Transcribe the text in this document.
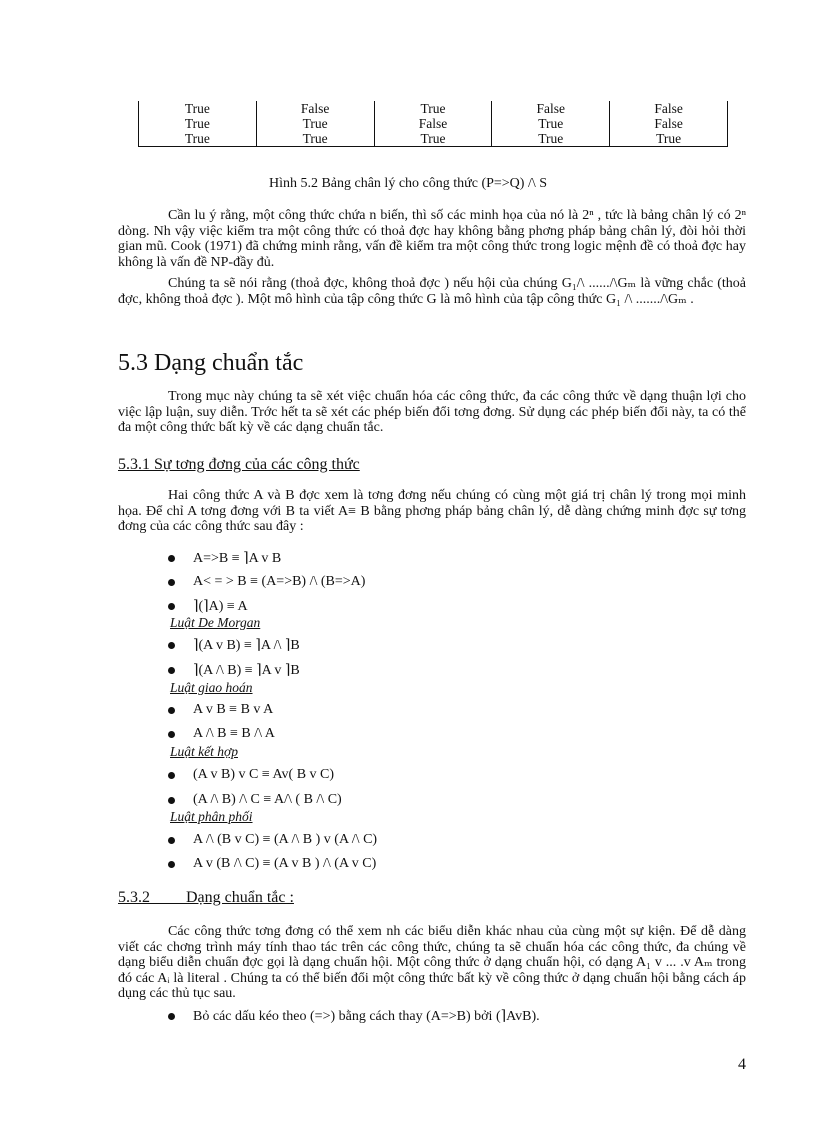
True	False	True	False	False
True	True	False	True	False
True	True	True	True	True
Hình 5.2 Bảng chân lý cho công thức (P=>Q) /\ S

Cần lu ý rằng, một công thức chứa n biến, thì số các minh họa của nó là 2ⁿ , tức là bảng chân lý có 2ⁿ dòng. Nh vậy việc kiểm tra một công thức có thoả đợc hay không bằng phơng pháp bảng chân lý, đòi hỏi thời gian mũ. Cook (1971) đã chứng minh rằng, vấn đề kiểm tra một công thức trong logic mệnh đề có thoả đợc hay không là vấn đề NP-đầy đủ.

Chúng ta sẽ nói rằng (thoả đợc, không thoả đợc ) nếu hội của chúng G₁/\ ....../\Gₘ là vững chắc (thoả đợc, không thoả đợc ). Một mô hình của tập công thức G là mô hình của tập công thức G₁ /\ ......./\Gₘ .

5.3 Dạng chuẩn tắc

Trong mục này chúng ta sẽ xét việc chuẩn hóa các công thức, đa các công thức về dạng thuận lợi cho việc lập luận, suy diễn. Trớc hết ta sẽ xét các phép biến đổi tơng đơng. Sử dụng các phép biến đổi này, ta có thể đa một công thức bất kỳ về các dạng chuẩn tắc.

5.3.1 Sự tơng đơng của các công thức

Hai công thức A và B đợc xem là tơng đơng nếu chúng có cùng một giá trị chân lý trong mọi minh họa. Để chỉ A tơng đơng với B ta viết A≡ B bằng phơng pháp bảng chân lý, dễ dàng chứng minh đợc sự tơng đơng của các công thức sau đây :

A=>B ≡ ⌉A v B
A< = > B ≡ (A=>B) /\ (B=>A)
⌉(⌉A) ≡ A
Luật De Morgan
⌉(A v B) ≡ ⌉A /\ ⌉B
⌉(A /\ B) ≡ ⌉A v ⌉B
Luật giao hoán
A v B ≡ B v A
A /\ B ≡ B /\ A
Luật kết hợp
(A v B) v C ≡ Av( B v C)
(A /\ B) /\ C ≡ A/\ ( B /\ C)
Luật phân phối
A /\ (B v C) ≡ (A /\ B ) v (A /\ C)
A v (B /\ C) ≡ (A v B ) /\ (A v C)
5.3.2         Dạng chuẩn tắc :

Các công thức tơng đơng có thể xem nh các biểu diễn khác nhau của cùng một sự kiện. Để dễ dàng viết các chơng trình máy tính thao tác trên các công thức, chúng ta sẽ chuẩn hóa các công thức, đa chúng về dạng biểu diễn chuẩn đợc gọi là dạng chuẩn hội. Một công thức ở dạng chuẩn hội, có dạng A₁ v ... .v Aₘ trong đó các Aᵢ là literal . Chúng ta có thể biến đổi một công thức bất kỳ về công thức ở dạng chuẩn hội bằng cách áp dụng các thủ tục sau.

Bỏ các dấu kéo theo (=>) bằng cách thay (A=>B) bởi (⌉AvB).
4
